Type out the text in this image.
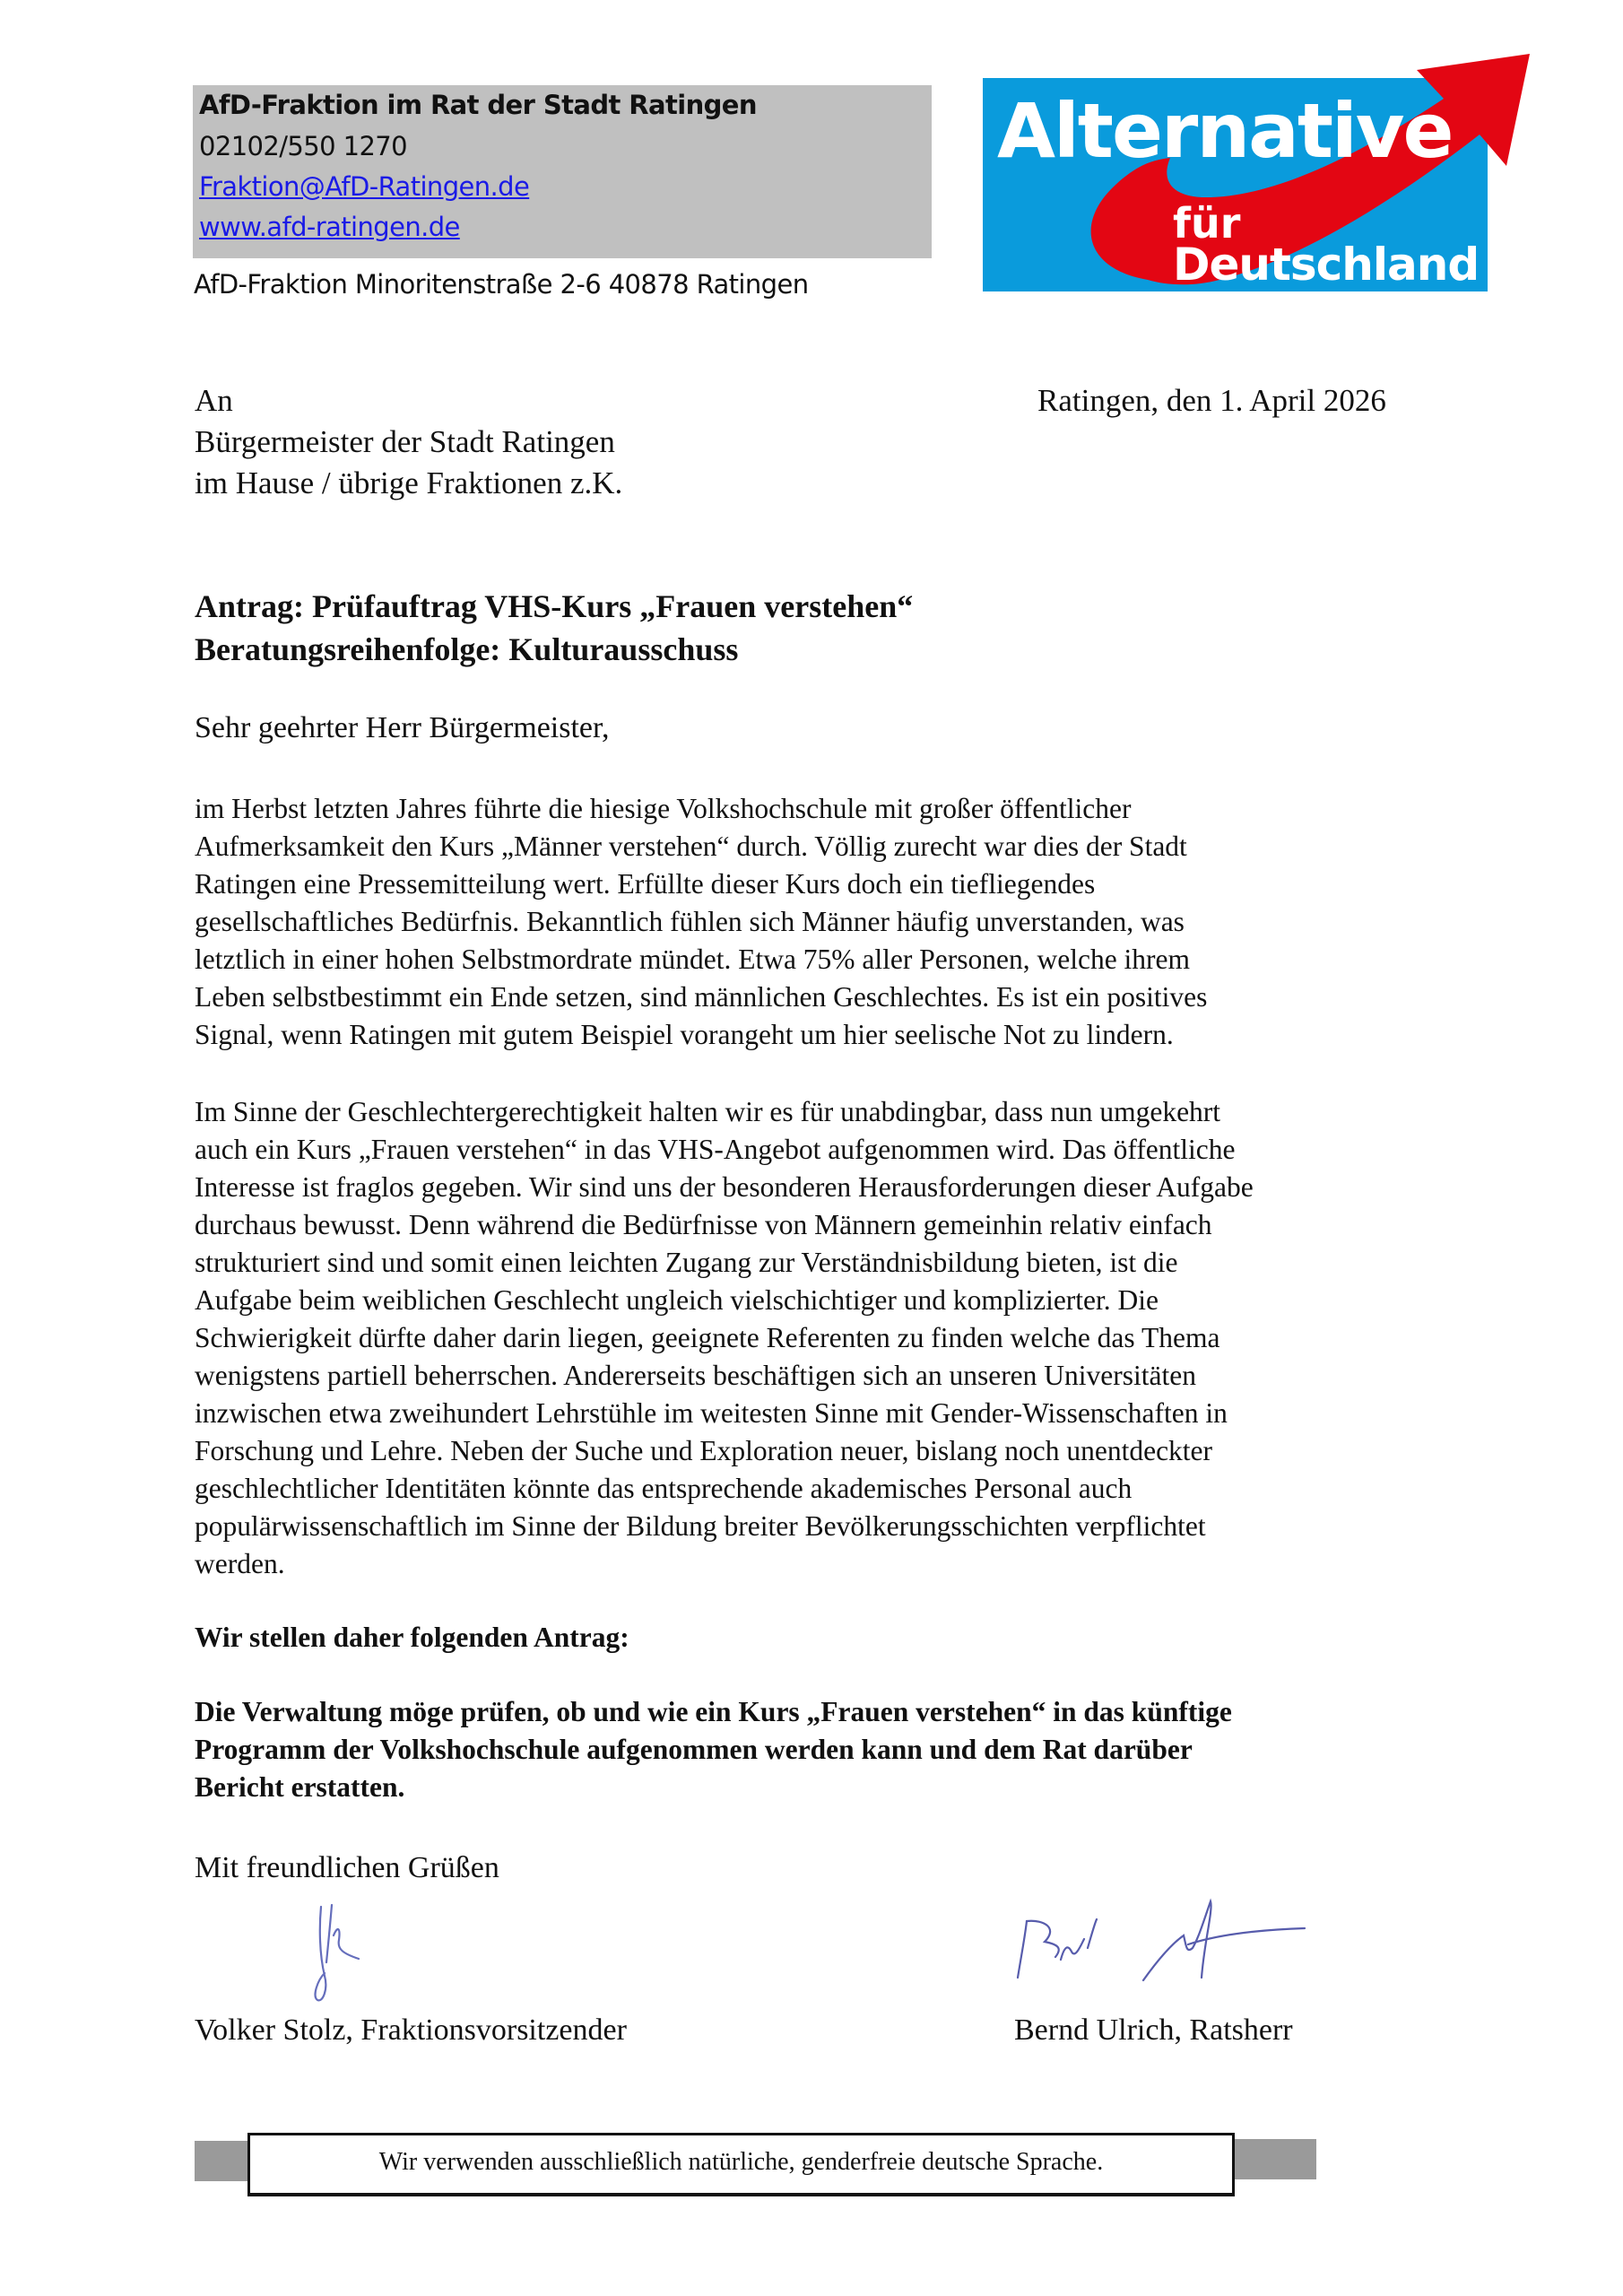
AfD-Fraktion im Rat der Stadt Ratingen
02102/550 1270
Fraktion@AfD-Ratingen.de
www.afd-ratingen.de
AfD-Fraktion Minoritenstraße 2-6 40878 Ratingen
Alternative
für
Deutschland
An
Bürgermeister der Stadt Ratingen
im Hause / übrige Fraktionen z.K.
Ratingen, den 1. April 2026
Antrag: Prüfauftrag VHS-Kurs „Frauen verstehen“
Beratungsreihenfolge: Kulturausschuss
Sehr geehrter Herr Bürgermeister,
im Herbst letzten Jahres führte die hiesige Volkshochschule mit großer öffentlicher
Aufmerksamkeit den Kurs „Männer verstehen“ durch. Völlig zurecht war dies der Stadt
Ratingen eine Pressemitteilung wert. Erfüllte dieser Kurs doch ein tiefliegendes
gesellschaftliches Bedürfnis. Bekanntlich fühlen sich Männer häufig unverstanden, was
letztlich in einer hohen Selbstmordrate mündet. Etwa 75% aller Personen, welche ihrem
Leben selbstbestimmt ein Ende setzen, sind männlichen Geschlechtes. Es ist ein positives
Signal, wenn Ratingen mit gutem Beispiel vorangeht um hier seelische Not zu lindern.
Im Sinne der Geschlechtergerechtigkeit halten wir es für unabdingbar, dass nun umgekehrt
auch ein Kurs „Frauen verstehen“ in das VHS-Angebot aufgenommen wird. Das öffentliche
Interesse ist fraglos gegeben. Wir sind uns der besonderen Herausforderungen dieser Aufgabe
durchaus bewusst. Denn während die Bedürfnisse von Männern gemeinhin relativ einfach
strukturiert sind und somit einen leichten Zugang zur Verständnisbildung bieten, ist die
Aufgabe beim weiblichen Geschlecht ungleich vielschichtiger und komplizierter. Die
Schwierigkeit dürfte daher darin liegen, geeignete Referenten zu finden welche das Thema
wenigstens partiell beherrschen. Andererseits beschäftigen sich an unseren Universitäten
inzwischen etwa zweihundert Lehrstühle im weitesten Sinne mit Gender-Wissenschaften in
Forschung und Lehre. Neben der Suche und Exploration neuer, bislang noch unentdeckter
geschlechtlicher Identitäten könnte das entsprechende akademisches Personal auch
populärwissenschaftlich im Sinne der Bildung breiter Bevölkerungsschichten verpflichtet
werden.
Wir stellen daher folgenden Antrag:
Die Verwaltung möge prüfen, ob und wie ein Kurs „Frauen verstehen“ in das künftige
Programm der Volkshochschule aufgenommen werden kann und dem Rat darüber
Bericht erstatten.
Mit freundlichen Grüßen
Volker Stolz, Fraktionsvorsitzender	Bernd Ulrich, Ratsherr
Wir verwenden ausschließlich natürliche, genderfreie deutsche Sprache.
